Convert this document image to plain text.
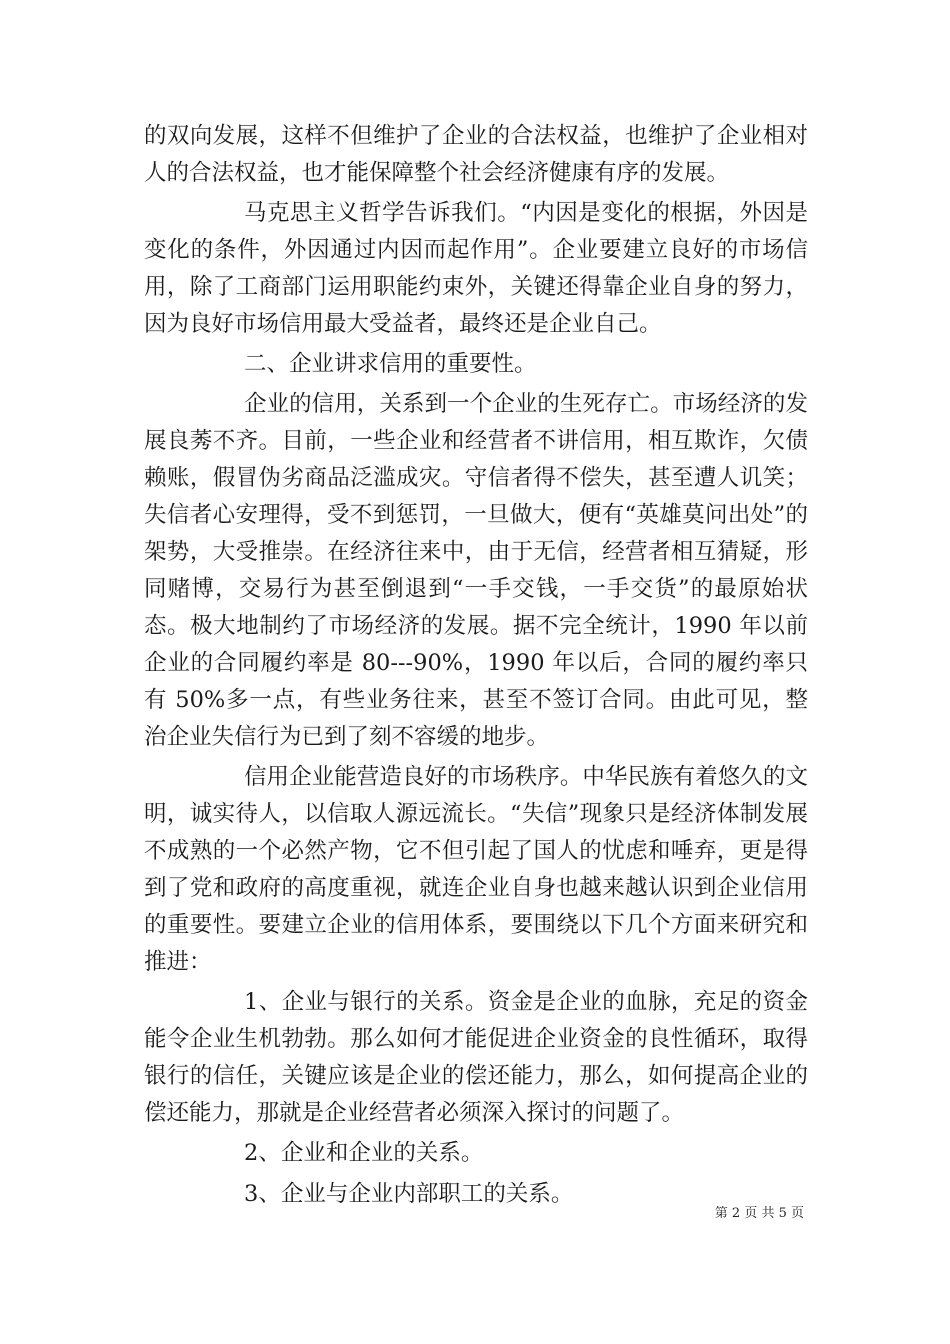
的双向发展，这样不但维护了企业的合法权益，也维护了企业相对人的合法权益，也才能保障整个社会经济健康有序的发展。

马克思主义哲学告诉我们。“内因是变化的根据，外因是变化的条件，外因通过内因而起作用”。企业要建立良好的市场信用，除了工商部门运用职能约束外，关键还得靠企业自身的努力，因为良好市场信用最大受益者，最终还是企业自己。

二、企业讲求信用的重要性。

企业的信用，关系到一个企业的生死存亡。市场经济的发展良莠不齐。目前，一些企业和经营者不讲信用，相互欺诈，欠债赖账，假冒伪劣商品泛滥成灾。守信者得不偿失，甚至遭人讥笑；失信者心安理得，受不到惩罚，一旦做大，便有“英雄莫问出处”的架势，大受推崇。在经济往来中，由于无信，经营者相互猜疑，形同赌博，交易行为甚至倒退到“一手交钱，一手交货”的最原始状态。极大地制约了市场经济的发展。据不完全统计，1990 年以前企业的合同履约率是 80---90%，1990 年以后，合同的履约率只有 50%多一点，有些业务往来，甚至不签订合同。由此可见，整治企业失信行为已到了刻不容缓的地步。

信用企业能营造良好的市场秩序。中华民族有着悠久的文明，诚实待人，以信取人源远流长。“失信”现象只是经济体制发展不成熟的一个必然产物，它不但引起了国人的忧虑和唾弃，更是得到了党和政府的高度重视，就连企业自身也越来越认识到企业信用的重要性。要建立企业的信用体系，要围绕以下几个方面来研究和推进：

1、企业与银行的关系。资金是企业的血脉，充足的资金能令企业生机勃勃。那么如何才能促进企业资金的良性循环，取得银行的信任，关键应该是企业的偿还能力，那么，如何提高企业的偿还能力，那就是企业经营者必须深入探讨的问题了。

2、企业和企业的关系。

3、企业与企业内部职工的关系。

第 2 页 共 5 页
